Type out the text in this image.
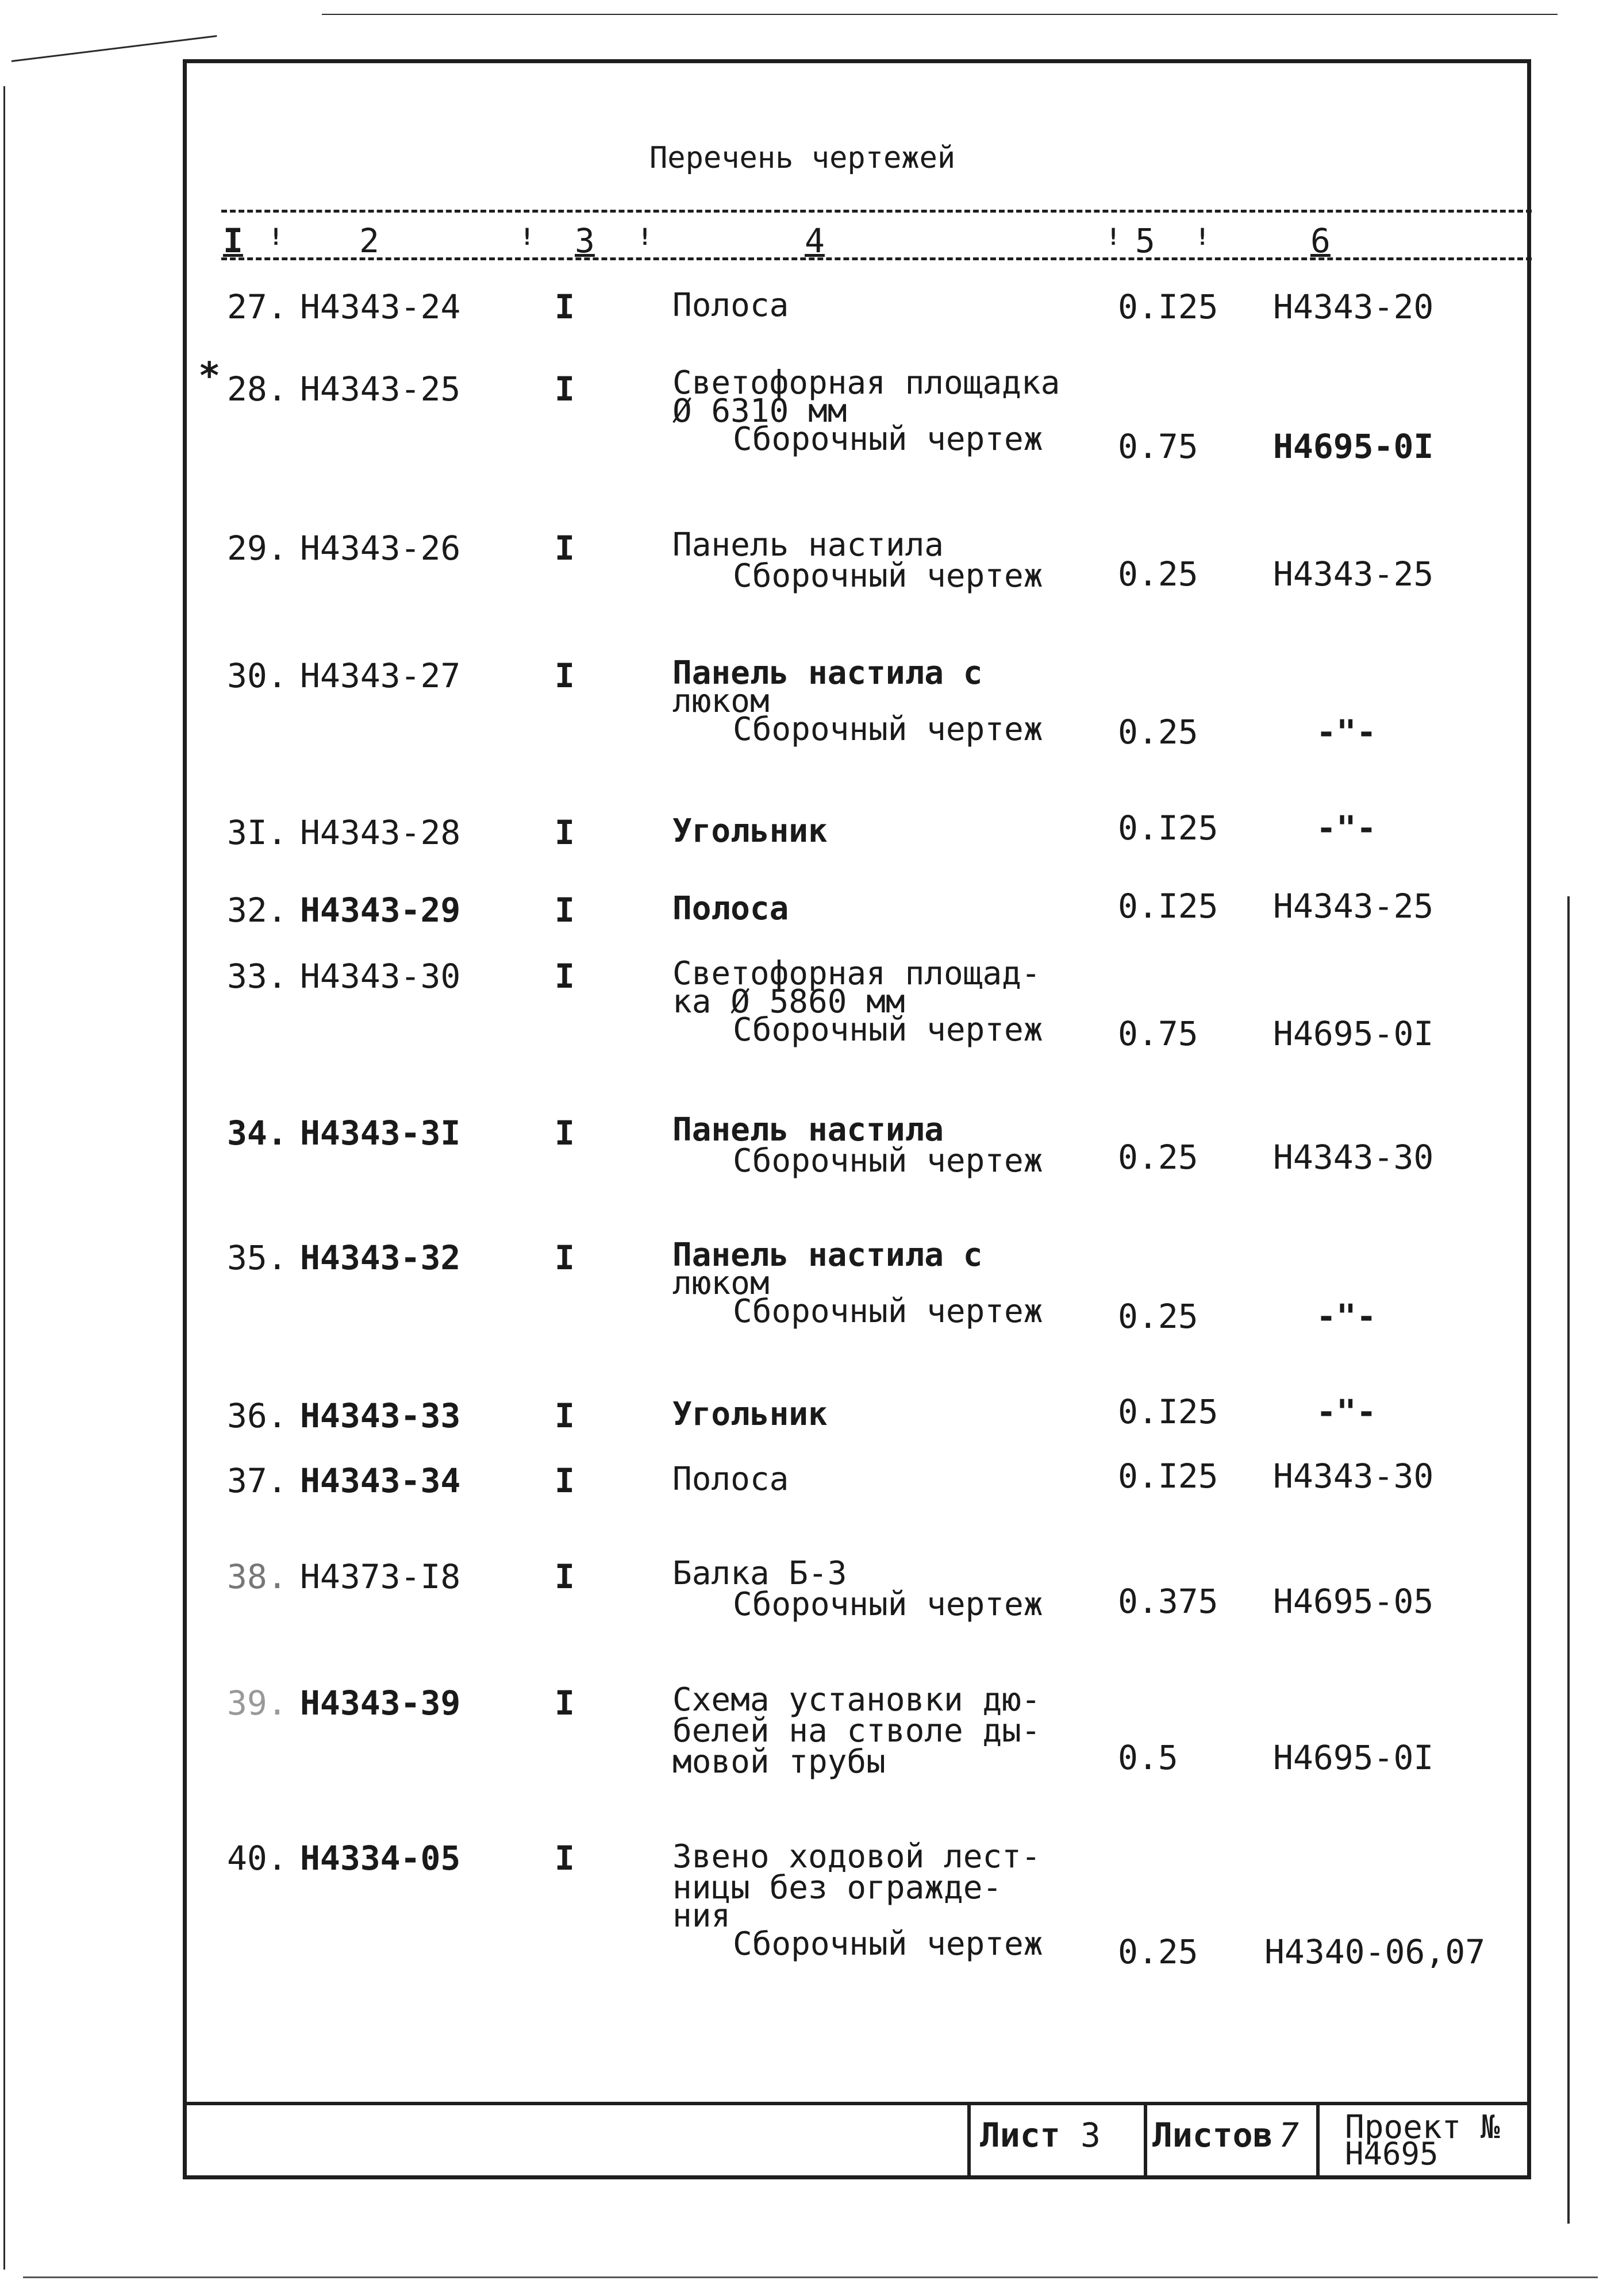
Перечень чертежей
I ! 2	! 3 !	4	! 5 !	6
*
27. Н4343-24	I	Полоса	0.I25 Н4343-20
28. Н4343-25	I	Светофорная площадка
Ø 6310 мм
Сборочный чертеж	0.75 Н4695-0I
29. Н4343-26	I	Панель настила
Сборочный чертеж 0.25 Н4343-25
30. Н4343-27	I	Панель настила с
люком
Сборочный чертеж 0.25	-"-
3I. Н4343-28	I	Угольник	0.I25	-"-
32. Н4343-29	I	Полоса	0.I25 Н4343-25
33. Н4343-30	I	Светофорная площад-
ка Ø 5860 мм
Сборочный чертеж 0.75 Н4695-0I
34. Н4343-3I	I	Панель настила
Сборочный чертеж 0.25 Н4343-30
35. Н4343-32	I	Панель настила с
люком
Сборочный чертеж 0.25	-"-
36. Н4343-33	I	Угольник	0.I25	-"-
37. Н4343-34	I	Полоса	0.I25 Н4343-30
38. Н4373-I8	I	Балка Б-3
Сборочный чертеж 0.375 Н4695-05
39. Н4343-39	I	Схема установки дю-
белей на стволе ды-
мовой трубы	0.5	Н4695-0I
40. Н4334-05	I	Звено ходовой лест-
ницы без огражде-
ния
Сборочный чертеж 0.25 Н4340-06,07
Лист 3 Листов 7 Проект №
Н4695
